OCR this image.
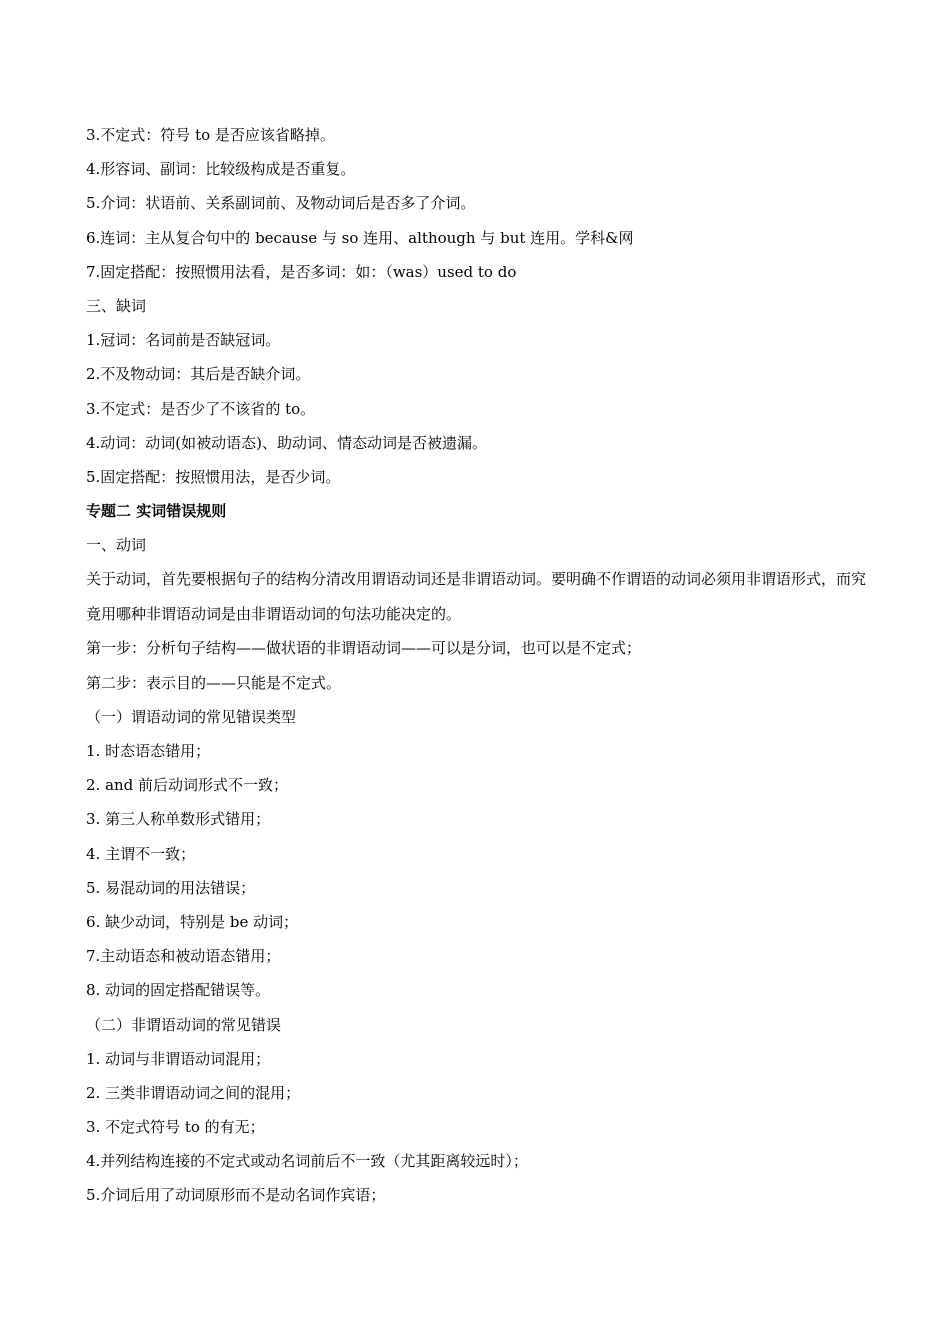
3.不定式：符号 to 是否应该省略掉。
4.形容词、副词：比较级构成是否重复。
5.介词：状语前、关系副词前、及物动词后是否多了介词。
6.连词：主从复合句中的 because 与 so 连用、although 与 but 连用。学科&网
7.固定搭配：按照惯用法看，是否多词：如：（was）used to do
三、缺词
1.冠词：名词前是否缺冠词。
2.不及物动词：其后是否缺介词。
3.不定式：是否少了不该省的 to。
4.动词：动词(如被动语态)、助动词、情态动词是否被遗漏。
5.固定搭配：按照惯用法，是否少词。
专题二 实词错误规则
一、动词
关于动词，首先要根据句子的结构分清改用谓语动词还是非谓语动词。要明确不作谓语的动词必须用非谓语形式，而究竟用哪种非谓语动词是由非谓语动词的句法功能决定的。
第一步：分析句子结构——做状语的非谓语动词——可以是分词，也可以是不定式；
第二步：表示目的——只能是不定式。
（一）谓语动词的常见错误类型
1. 时态语态错用；
2. and 前后动词形式不一致；
3. 第三人称单数形式错用；
4. 主谓不一致；
5. 易混动词的用法错误；
6. 缺少动词，特别是 be 动词；
7.主动语态和被动语态错用；
8. 动词的固定搭配错误等。
（二）非谓语动词的常见错误
1. 动词与非谓语动词混用；
2. 三类非谓语动词之间的混用；
3. 不定式符号 to 的有无；
4.并列结构连接的不定式或动名词前后不一致（尤其距离较远时）；
5.介词后用了动词原形而不是动名词作宾语；
